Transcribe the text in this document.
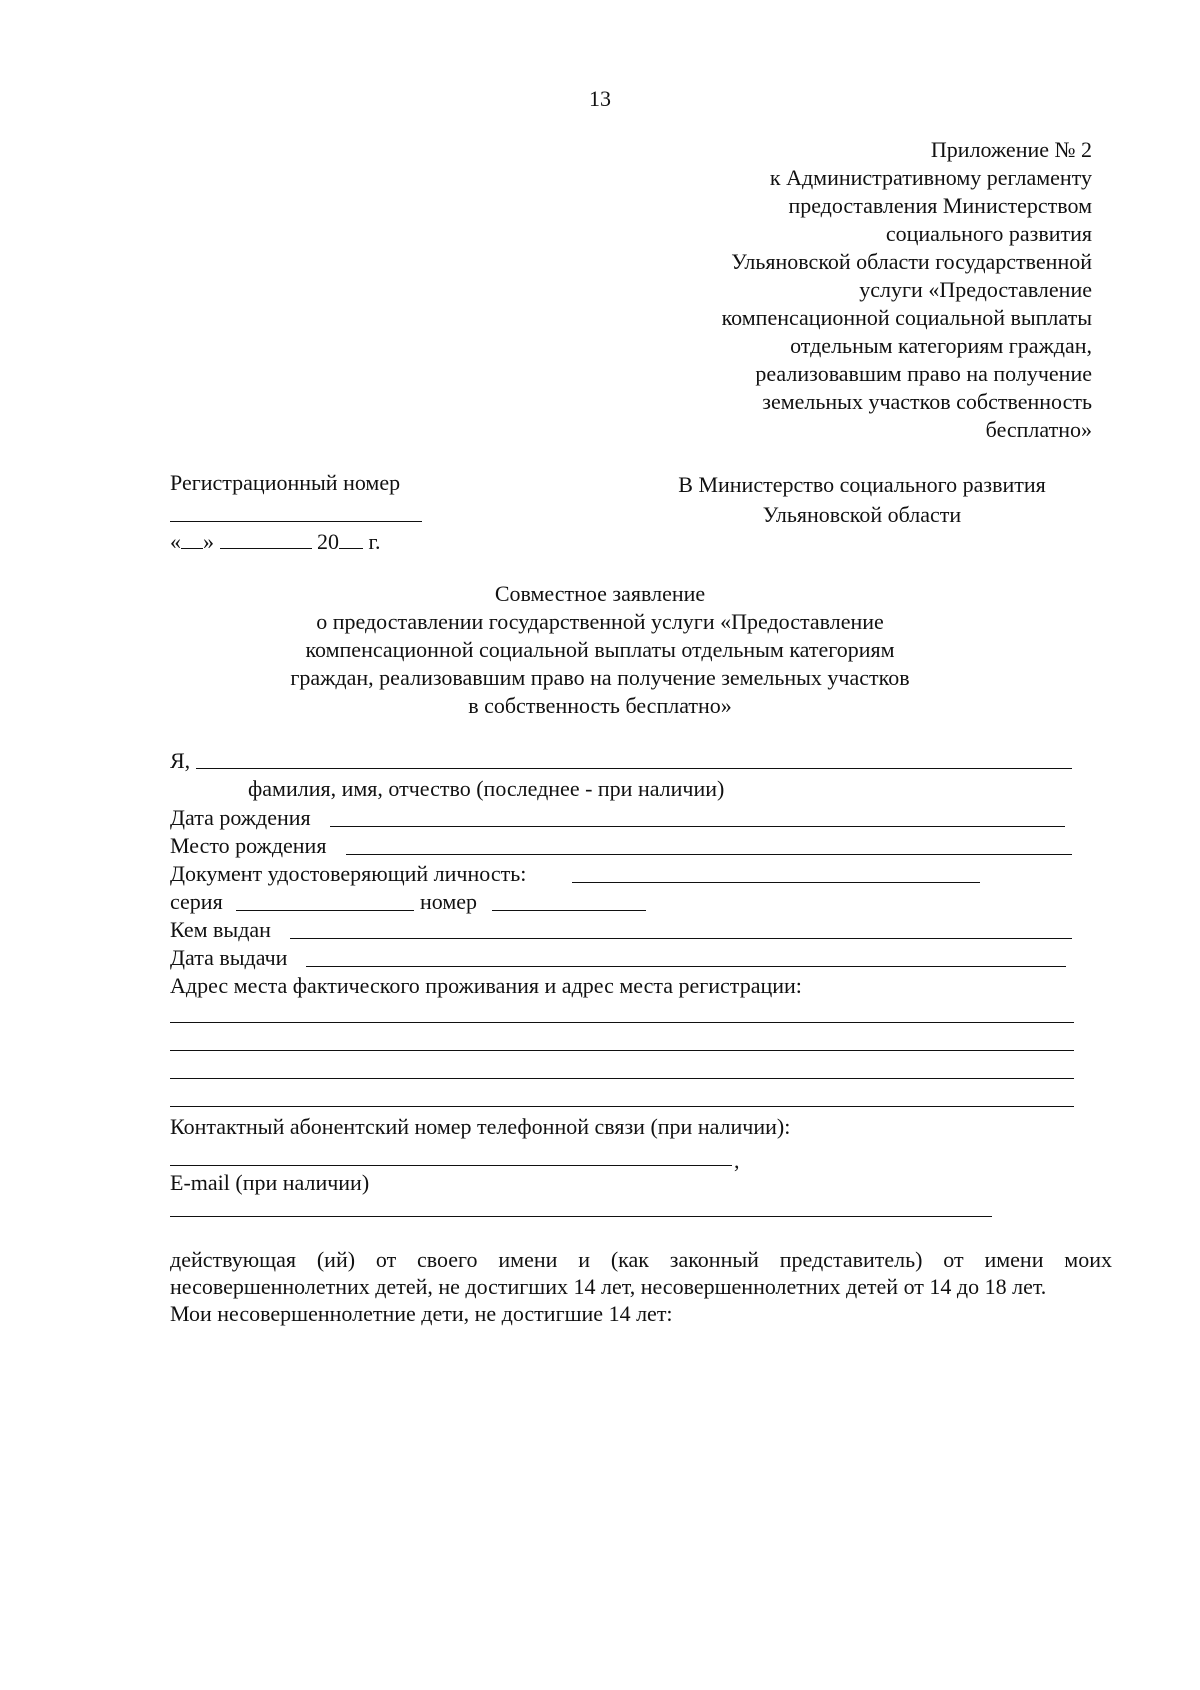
13
Приложение № 2
к Административному регламенту
предоставления Министерством
социального развития
Ульяновской области государственной
услуги «Предоставление
компенсационной социальной выплаты
отдельным категориям граждан,
реализовавшим право на получение
земельных участков собственность
бесплатно»
Регистрационный номер
« »	20 г.
В Министерство социального развития
Ульяновской области
Совместное заявление
о предоставлении государственной услуги «Предоставление
компенсационной социальной выплаты отдельным категориям
граждан, реализовавшим право на получение земельных участков
в собственность бесплатно»
Я,
фамилия, имя, отчество (последнее - при наличии)
Дата рождения
Место рождения
Документ удостоверяющий личность:
серия	номер
Кем выдан
Дата выдачи
Адрес места фактического проживания и адрес места регистрации:
Контактный абонентский номер телефонной связи (при наличии):
,
E-mail (при наличии)
действующая (ий) от своего имени и (как законный представитель) от имени моих несовершеннолетних детей, не достигших 14 лет, несовершеннолетних детей от 14 до 18 лет.
Мои несовершеннолетние дети, не достигшие 14 лет:
